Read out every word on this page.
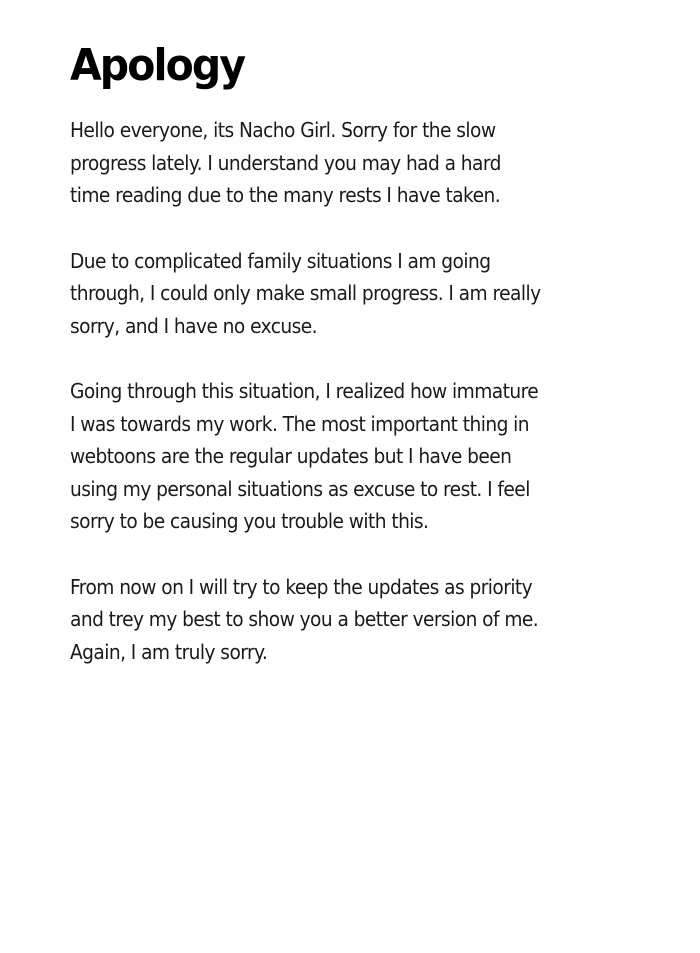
Apology

Hello everyone, its Nacho Girl. Sorry for the slow
progress lately. I understand you may had a hard
time reading due to the many rests I have taken.

Due to complicated family situations I am going
through, I could only make small progress. I am really
sorry, and I have no excuse.

Going through this situation, I realized how immature
I was towards my work. The most important thing in
webtoons are the regular updates but I have been
using my personal situations as excuse to rest. I feel
sorry to be causing you trouble with this.

From now on I will try to keep the updates as priority
and trey my best to show you a better version of me.
Again, I am truly sorry.
